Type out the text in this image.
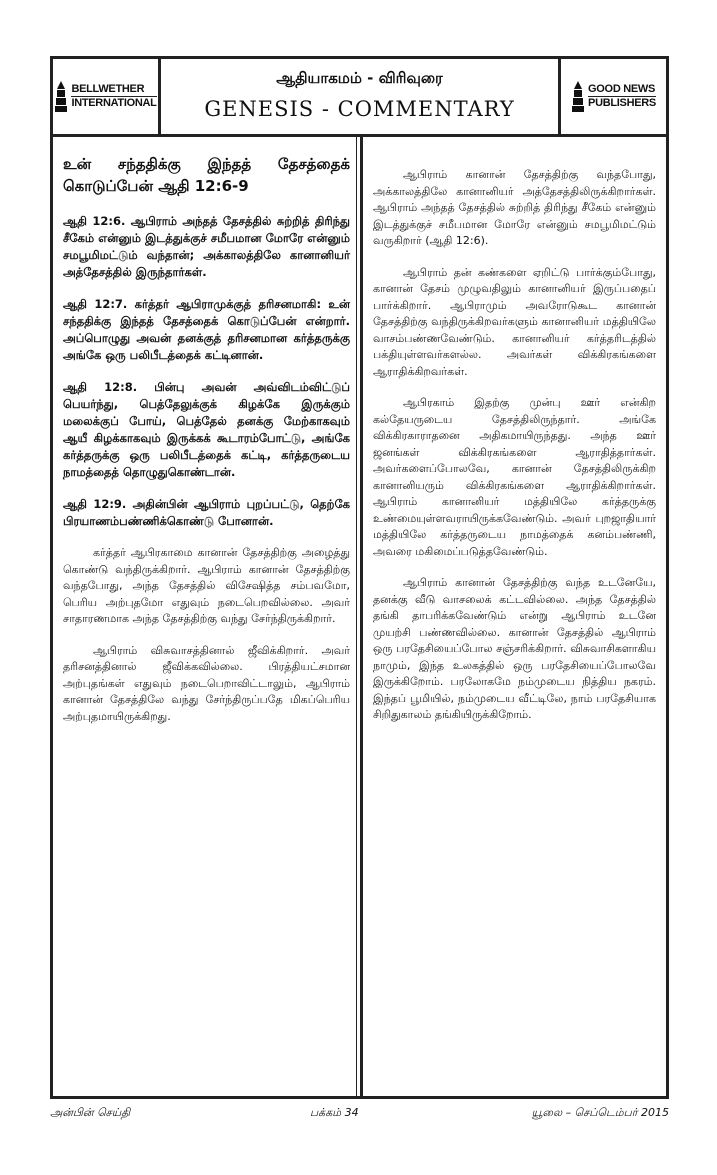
BELLWETHER
INTERNATIONAL
ஆதியாகமம் - விரிவுரை
GENESIS - COMMENTARY
GOOD NEWS
PUBLISHERS
உன் சந்ததிக்கு இந்தத் தேசத்தைக் கொடுப்பேன் ஆதி 12:6-9

ஆதி 12:6. ஆபிராம் அந்தத் தேசத்தில் சுற்றித் திரிந்து சீகேம் என்னும் இடத்துக்குச் சமீபமான மோரே என்னும் சமபூமிமட்டும் வந்தான்; அக்காலத்திலே கானானியர் அத்தேசத்தில் இருந்தார்கள்.

ஆதி 12:7. கர்த்தர் ஆபிராமுக்குத் தரிசனமாகி: உன் சந்ததிக்கு இந்தத் தேசத்தைக் கொடுப்பேன் என்றார். அப்பொழுது அவன் தனக்குத் தரிசனமான கர்த்தருக்கு அங்கே ஒரு பலிபீடத்தைக் கட்டினான்.

ஆதி 12:8. பின்பு அவன் அவ்விடம்விட்டுப் பெயர்ந்து, பெத்தேலுக்குக் கிழக்கே இருக்கும் மலைக்குப் போய், பெத்தேல் தனக்கு மேற்காகவும் ஆயீ கிழக்காகவும் இருக்கக் கூடாரம்போட்டு, அங்கே கர்த்தருக்கு ஒரு பலிபீடத்தைக் கட்டி, கர்த்தருடைய நாமத்தைத் தொழுதுகொண்டான்.

ஆதி 12:9. அதின்பின் ஆபிராம் புறப்பட்டு, தெற்கே பிரயாணம்பண்ணிக்கொண்டு போனான்.

கர்த்தர் ஆபிரகாமை கானான் தேசத்திற்கு அழைத்து கொண்டு வந்திருக்கிறார். ஆபிராம் கானான் தேசத்திற்கு வந்தபோது, அந்த தேசத்தில் விசேஷித்த சம்பவமோ, பெரிய அற்புதமோ எதுவும் நடைபெறவில்லை. அவர் சாதாரணமாக அந்த தேசத்திற்கு வந்து சேர்ந்திருக்கிறார்.

ஆபிராம் விசுவாசத்தினால் ஜீவிக்கிறார். அவர் தரிசனத்தினால் ஜீவிக்கவில்லை. பிரத்தியட்சமான அற்புதங்கள் எதுவும் நடைபெறாவிட்டாலும், ஆபிராம் கானான் தேசத்திலே வந்து சேர்ந்திருப்பதே மிகப்பெரிய அற்புதமாயிருக்கிறது.

ஆபிராம் கானான் தேசத்திற்கு வந்தபோது, அக்காலத்திலே கானானியர் அத்தேசத்திலிருக்கிறார்கள். ஆபிராம் அந்தத் தேசத்தில் சுற்றித் திரிந்து சீகேம் என்னும் இடத்துக்குச் சமீபமான மோரே என்னும் சமபூமிமட்டும் வருகிறார் (ஆதி 12:6).

ஆபிராம் தன் கண்களை ஏறிட்டு பார்க்கும்போது, கானான் தேசம் முழுவதிலும் கானானியர் இருப்பதைப் பார்க்கிறார். ஆபிராமும் அவரோடுகூட கானான் தேசத்திற்கு வந்திருக்கிறவர்களும் கானானியர் மத்தியிலே வாசம்பண்ணவேண்டும். கானானியர் கர்த்தரிடத்தில் பக்தியுள்ளவர்களல்ல. அவர்கள் விக்கிரகங்களை ஆராதிக்கிறவர்கள்.

ஆபிரகாம் இதற்கு முன்பு ஊர் என்கிற கல்தேயருடைய தேசத்திலிருந்தார். அங்கே விக்கிரகாராதனை அதிகமாயிருந்தது. அந்த ஊர் ஜனங்கள் விக்கிரகங்களை ஆராதித்தார்கள். அவர்களைப்போலவே, கானான் தேசத்திலிருக்கிற கானானியரும் விக்கிரகங்களை ஆராதிக்கிறார்கள். ஆபிராம் கானானியர் மத்தியிலே கர்த்தருக்கு உண்மையுள்ளவராயிருக்கவேண்டும். அவர் புறஜாதியார் மத்தியிலே கர்த்தருடைய நாமத்தைக் கனம்பண்ணி, அவரை மகிமைப்படுத்தவேண்டும்.

ஆபிராம் கானான் தேசத்திற்கு வந்த உடனேயே, தனக்கு வீடு வாசலைக் கட்டவில்லை. அந்த தேசத்தில் தங்கி தாபரிக்கவேண்டும் என்று ஆபிராம் உடனே முயற்சி பண்ணவில்லை. கானான் தேசத்தில் ஆபிராம் ஒரு பரதேசியைப்போல சஞ்சரிக்கிறார். விசுவாசிகளாகிய நாமும், இந்த உலகத்தில் ஒரு பரதேசியைப்போலவே இருக்கிறோம். பரலோகமே நம்முடைய நித்திய நகரம். இந்தப் பூமியில், நம்முடைய வீட்டிலே, நாம் பரதேசியாக சிறிதுகாலம் தங்கியிருக்கிறோம்.

அன்பின் செய்தி	பக்கம் 34	யூலை – செப்டெம்பர் 2015
